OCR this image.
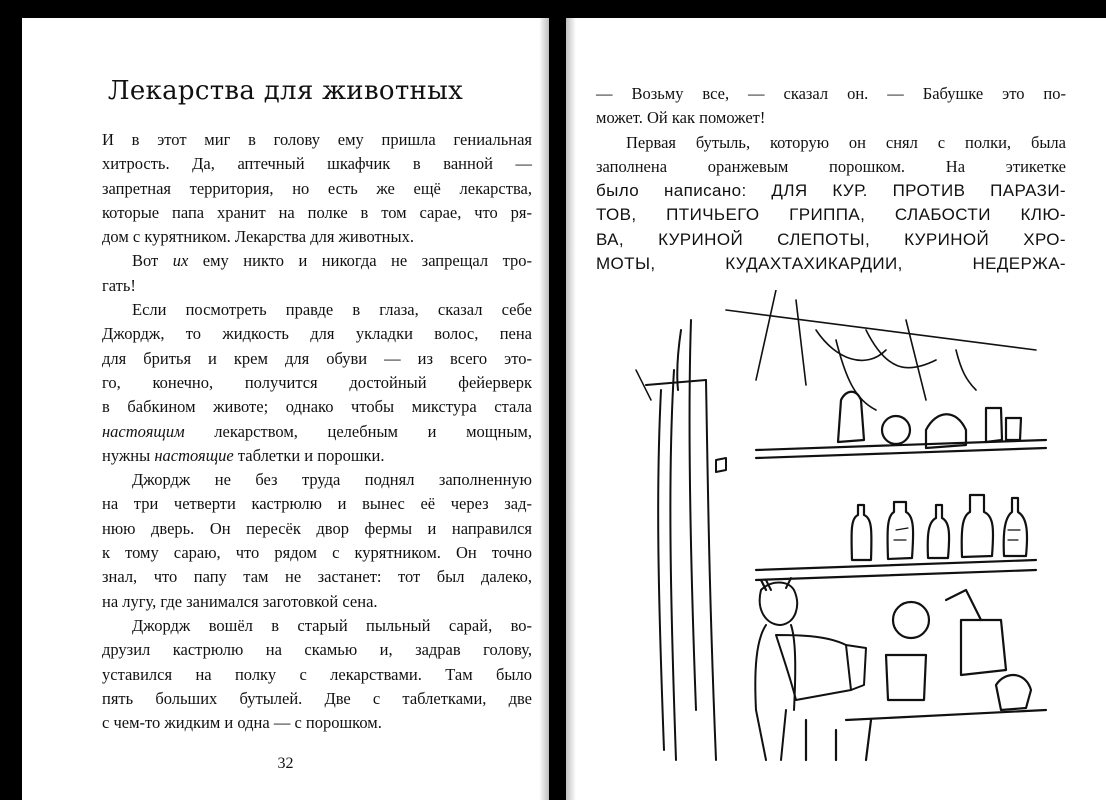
Лекарства для животных

И в этот миг в голову ему пришла гениальная
хитрость. Да, аптечный шкафчик в ванной —
запретная территория, но есть же ещё лекарства,
которые папа хранит на полке в том сарае, что ря-
дом с курятником. Лекарства для животных.

Вот их ему никто и никогда не запрещал тро-
гать!

Если посмотреть правде в глаза, сказал себе
Джордж, то жидкость для укладки волос, пена
для бритья и крем для обуви — из всего это-
го, конечно, получится достойный фейерверк
в бабкином животе; однако чтобы микстура стала
настоящим лекарством, целебным и мощным,
нужны настоящие таблетки и порошки.

Джордж не без труда поднял заполненную
на три четверти кастрюлю и вынес её через зад-
нюю дверь. Он пересёк двор фермы и направился
к тому сараю, что рядом с курятником. Он точно
знал, что папу там не застанет: тот был далеко,
на лугу, где занимался заготовкой сена.

Джордж вошёл в старый пыльный сарай, во-
друзил кастрюлю на скамью и, задрав голову,
уставился на полку с лекарствами. Там было
пять больших бутылей. Две с таблетками, две
с чем-то жидким и одна — с порошком.

32

— Возьму все, — сказал он. — Бабушке это по-
может. Ой как поможет!

Первая бутыль, которую он снял с полки, была
заполнена оранжевым порошком. На этикетке
было написано: ДЛЯ КУР. ПРОТИВ ПАРАЗИ-
ТОВ, ПТИЧЬЕГО ГРИППА, СЛАБОСТИ КЛЮ-
ВА, КУРИНОЙ СЛЕПОТЫ, КУРИНОЙ ХРО-
МОТЫ, КУДАХТАХИКАРДИИ, НЕДЕРЖА-
